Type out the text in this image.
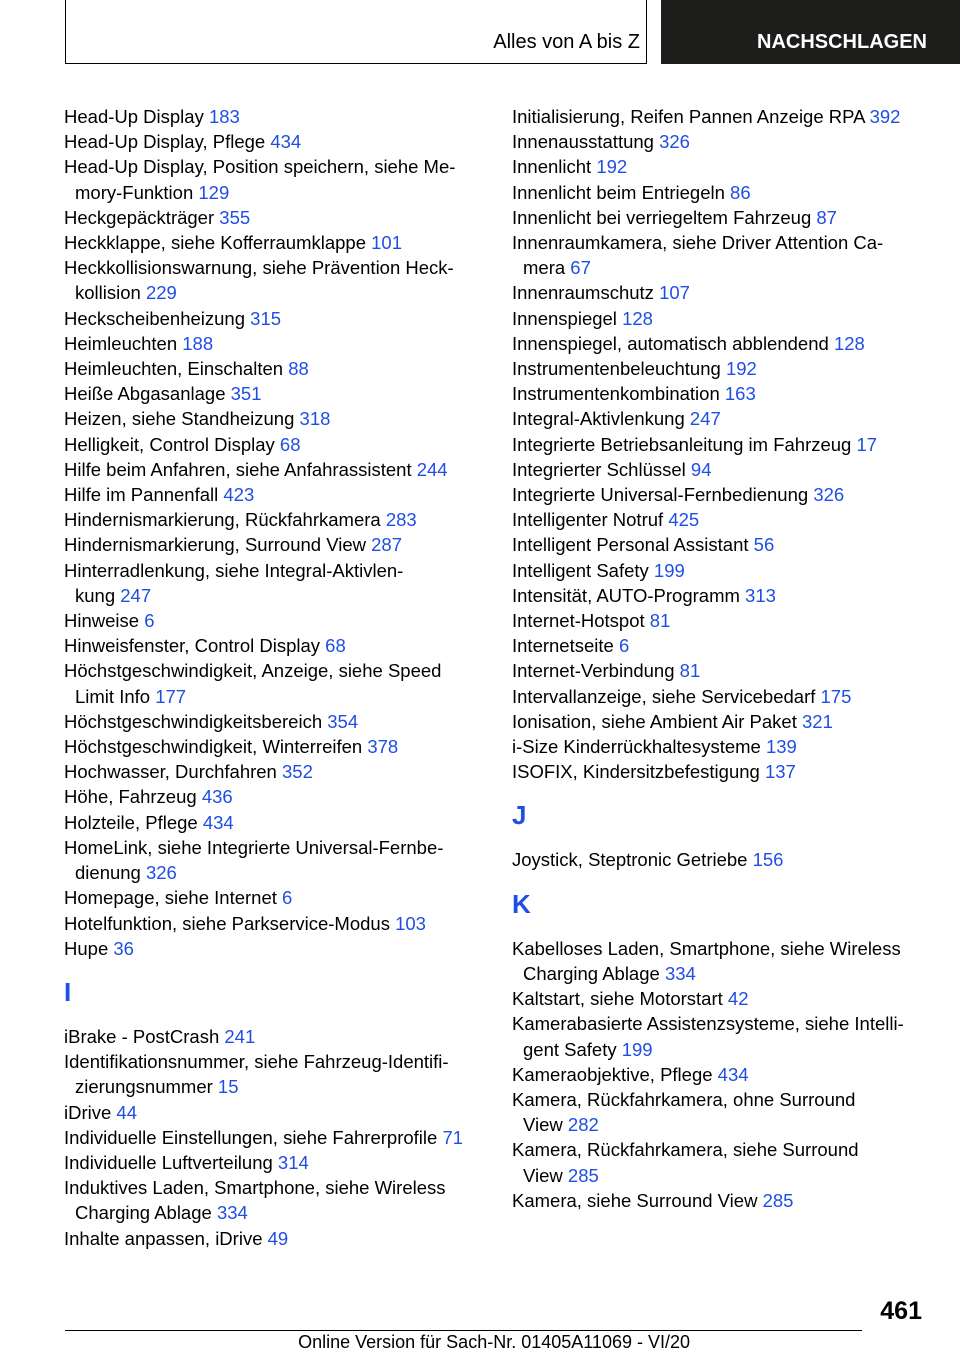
Alles von A bis Z	NACHSCHLAGEN
Head-Up Display 183
Head-Up Display, Pflege 434
Head-Up Display, Position speichern, siehe Me-
mory-Funktion 129
Heckgepäckträger 355
Heckklappe, siehe Kofferraumklappe 101
Heckkollisionswarnung, siehe Prävention Heck-
kollision 229
Heckscheibenheizung 315
Heimleuchten 188
Heimleuchten, Einschalten 88
Heiße Abgasanlage 351
Heizen, siehe Standheizung 318
Helligkeit, Control Display 68
Hilfe beim Anfahren, siehe Anfahrassistent 244
Hilfe im Pannenfall 423
Hindernismarkierung, Rückfahrkamera 283
Hindernismarkierung, Surround View 287
Hinterradlenkung, siehe Integral-Aktivlen-
kung 247
Hinweise 6
Hinweisfenster, Control Display 68
Höchstgeschwindigkeit, Anzeige, siehe Speed
Limit Info 177
Höchstgeschwindigkeitsbereich 354
Höchstgeschwindigkeit, Winterreifen 378
Hochwasser, Durchfahren 352
Höhe, Fahrzeug 436
Holzteile, Pflege 434
HomeLink, siehe Integrierte Universal-Fernbe-
dienung 326
Homepage, siehe Internet 6
Hotelfunktion, siehe Parkservice-Modus 103
Hupe 36
I
iBrake - PostCrash 241
Identifikationsnummer, siehe Fahrzeug-Identifi-
zierungsnummer 15
iDrive 44
Individuelle Einstellungen, siehe Fahrerprofile 71
Individuelle Luftverteilung 314
Induktives Laden, Smartphone, siehe Wireless
Charging Ablage 334
Inhalte anpassen, iDrive 49
Initialisierung, Reifen Pannen Anzeige RPA 392
Innenausstattung 326
Innenlicht 192
Innenlicht beim Entriegeln 86
Innenlicht bei verriegeltem Fahrzeug 87
Innenraumkamera, siehe Driver Attention Ca-
mera 67
Innenraumschutz 107
Innenspiegel 128
Innenspiegel, automatisch abblendend 128
Instrumentenbeleuchtung 192
Instrumentenkombination 163
Integral-Aktivlenkung 247
Integrierte Betriebsanleitung im Fahrzeug 17
Integrierter Schlüssel 94
Integrierte Universal-Fernbedienung 326
Intelligenter Notruf 425
Intelligent Personal Assistant 56
Intelligent Safety 199
Intensität, AUTO-Programm 313
Internet-Hotspot 81
Internetseite 6
Internet-Verbindung 81
Intervallanzeige, siehe Servicebedarf 175
Ionisation, siehe Ambient Air Paket 321
i-Size Kinderrückhaltesysteme 139
ISOFIX, Kindersitzbefestigung 137
J
Joystick, Steptronic Getriebe 156
K
Kabelloses Laden, Smartphone, siehe Wireless
Charging Ablage 334
Kaltstart, siehe Motorstart 42
Kamerabasierte Assistenzsysteme, siehe Intelli-
gent Safety 199
Kameraobjektive, Pflege 434
Kamera, Rückfahrkamera, ohne Surround
View 282
Kamera, Rückfahrkamera, siehe Surround
View 285
Kamera, siehe Surround View 285
461
Online Version für Sach-Nr. 01405A11069 - VI/20
